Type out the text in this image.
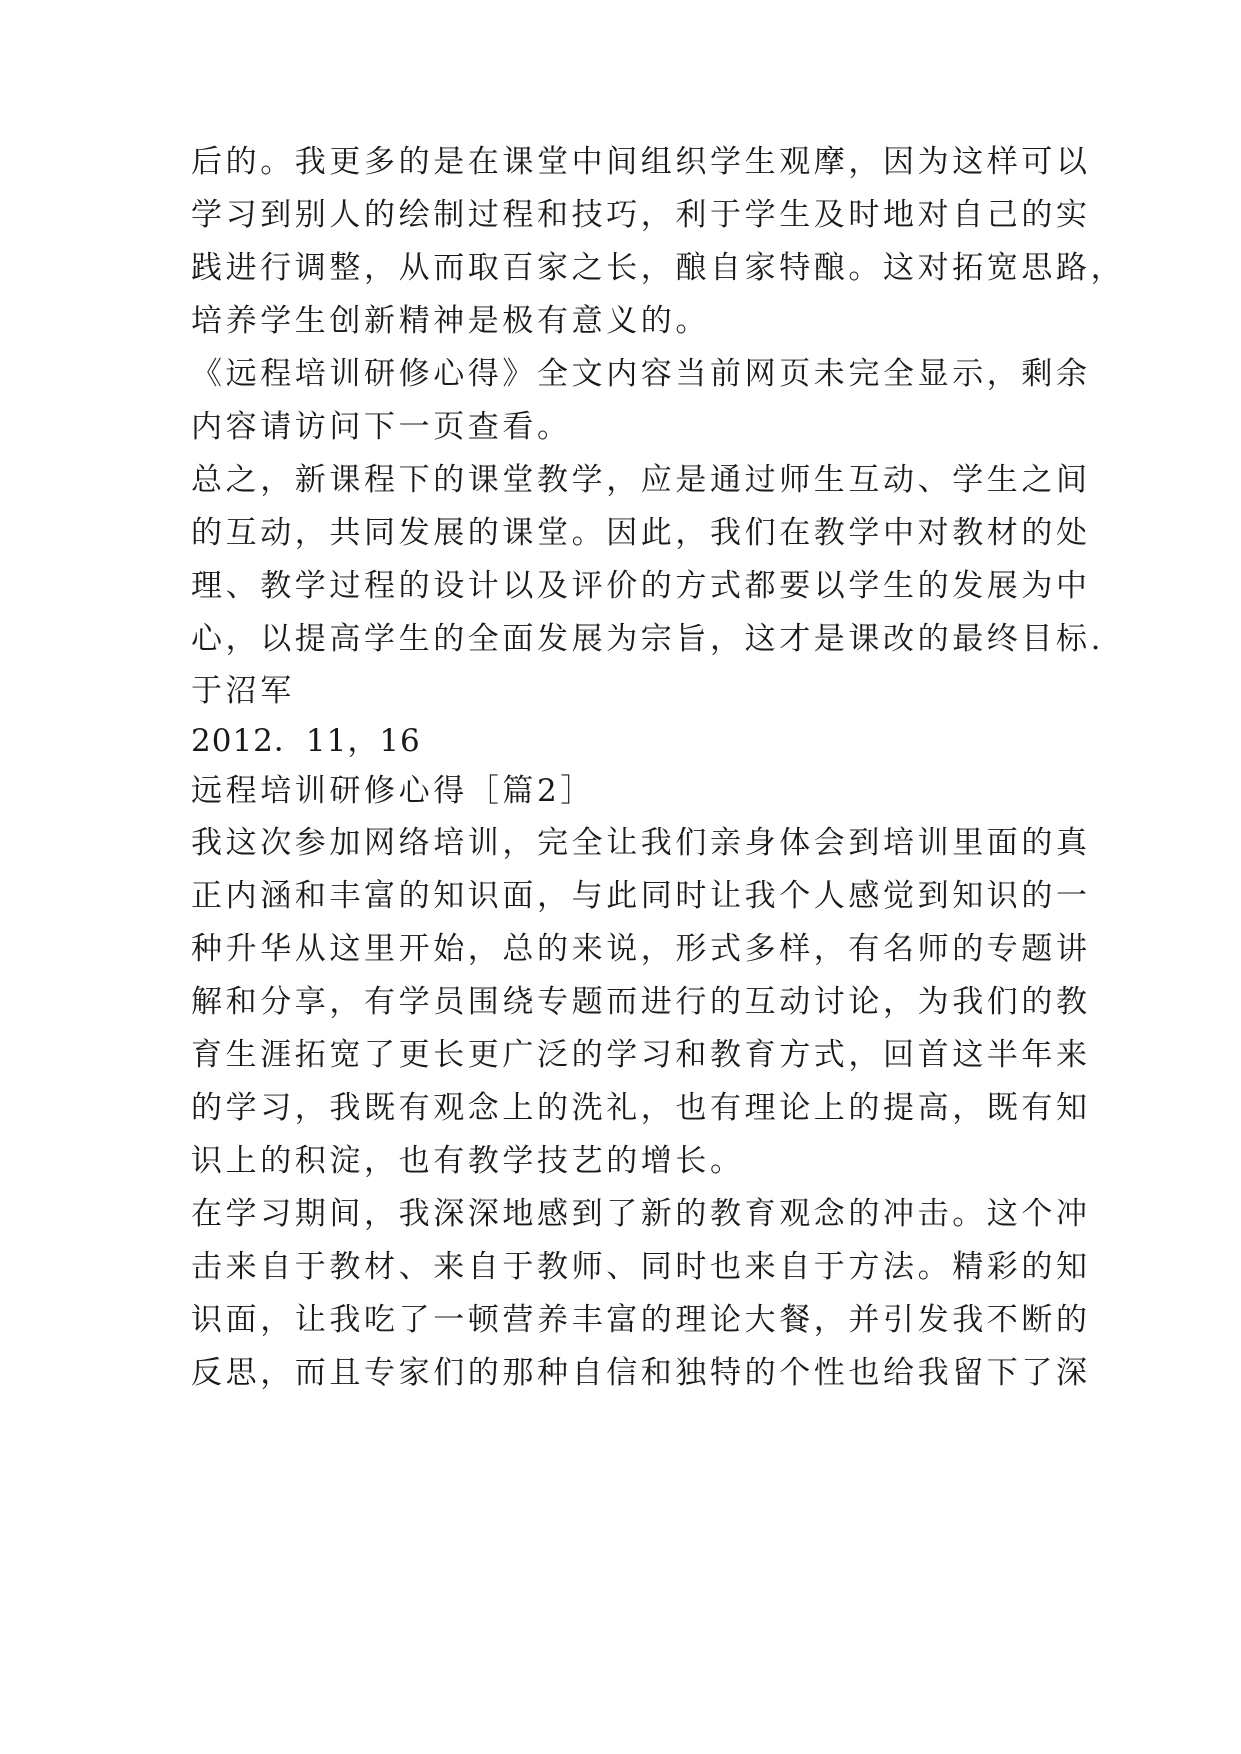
后的。我更多的是在课堂中间组织学生观摩，因为这样可以
学习到别人的绘制过程和技巧，利于学生及时地对自己的实
践进行调整，从而取百家之长，酿自家特酿。这对拓宽思路，
培养学生创新精神是极有意义的。
《远程培训研修心得》全文内容当前网页未完全显示，剩余
内容请访问下一页查看。
总之，新课程下的课堂教学，应是通过师生互动、学生之间
的互动，共同发展的课堂。因此，我们在教学中对教材的处
理、教学过程的设计以及评价的方式都要以学生的发展为中
心，以提高学生的全面发展为宗旨，这才是课改的最终目标.
于沼军
2012．11，16
远程培训研修心得［篇2］
我这次参加网络培训，完全让我们亲身体会到培训里面的真
正内涵和丰富的知识面，与此同时让我个人感觉到知识的一
种升华从这里开始，总的来说，形式多样，有名师的专题讲
解和分享，有学员围绕专题而进行的互动讨论，为我们的教
育生涯拓宽了更长更广泛的学习和教育方式，回首这半年来
的学习，我既有观念上的洗礼，也有理论上的提高，既有知
识上的积淀，也有教学技艺的增长。
在学习期间，我深深地感到了新的教育观念的冲击。这个冲
击来自于教材、来自于教师、同时也来自于方法。精彩的知
识面，让我吃了一顿营养丰富的理论大餐，并引发我不断的
反思，而且专家们的那种自信和独特的个性也给我留下了深
